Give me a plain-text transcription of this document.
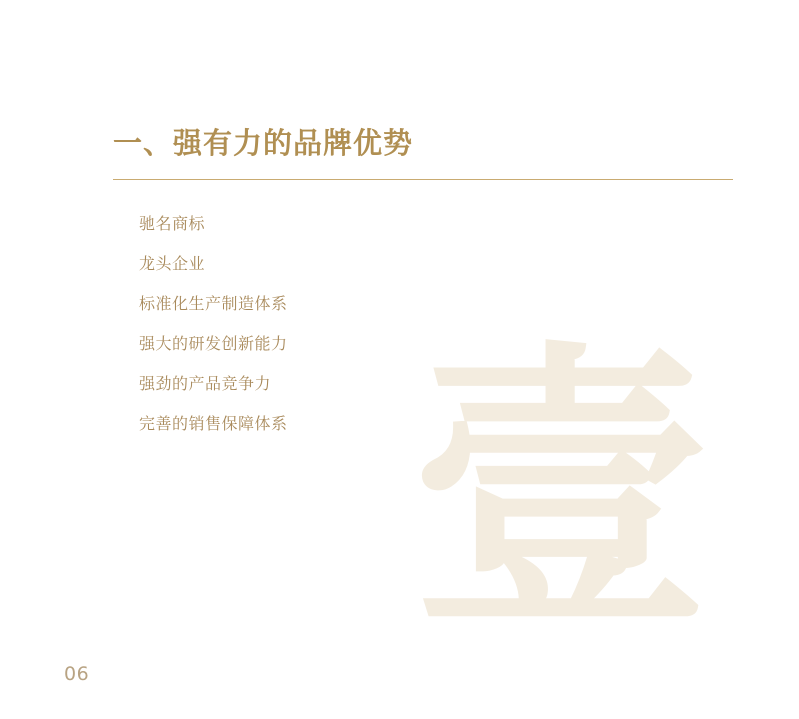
壹
一、强有力的品牌优势
驰名商标
龙头企业
标准化生产制造体系
强大的研发创新能力
强劲的产品竞争力
完善的销售保障体系
06
